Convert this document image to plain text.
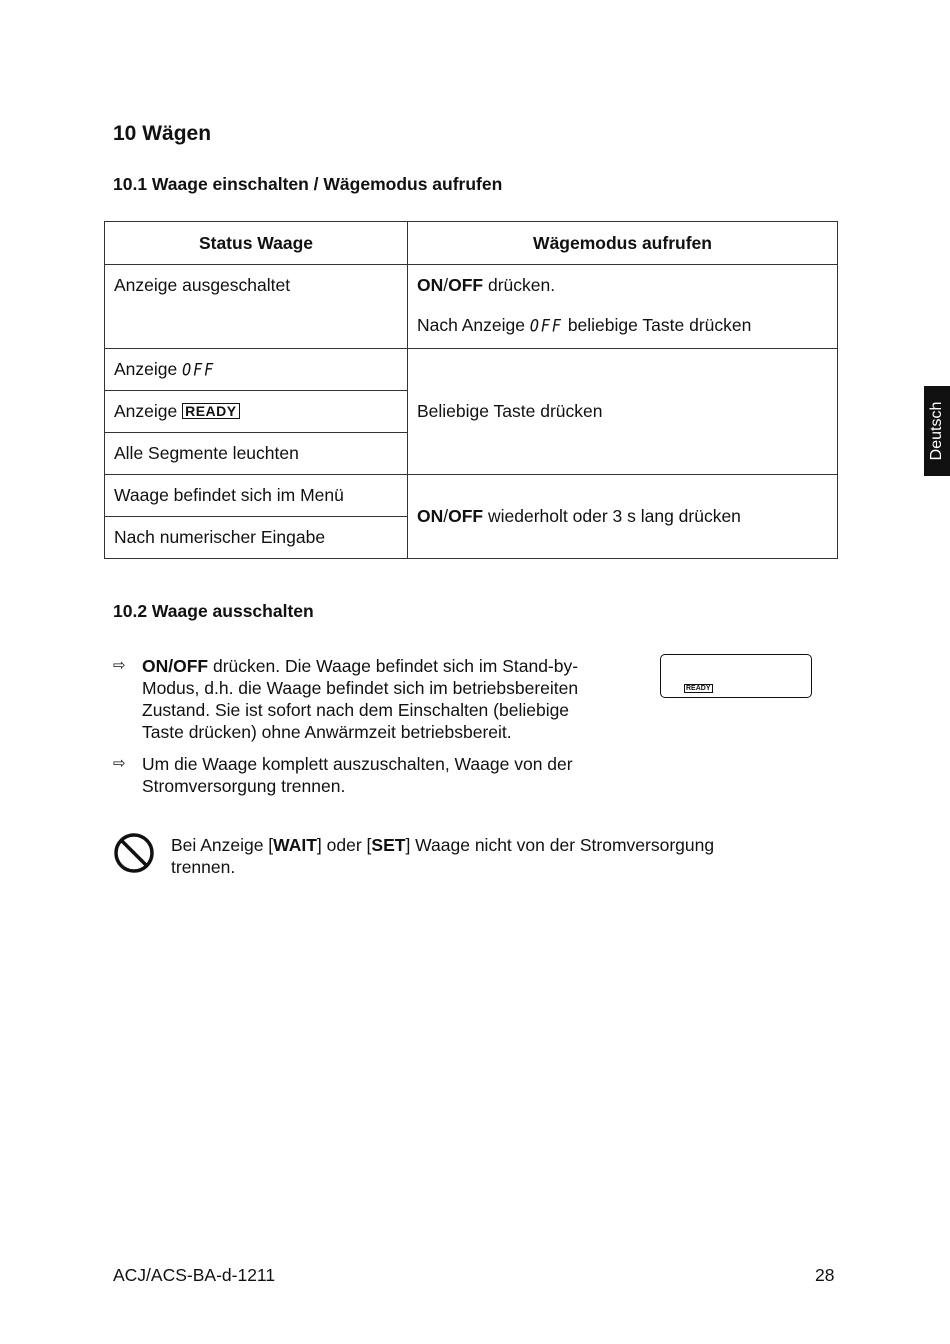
10 Wägen
10.1 Waage einschalten / Wägemodus aufrufen
Status Waage	Wägemodus aufrufen

Anzeige ausgeschaltet	ON/OFF drücken.

Nach Anzeige OFF beliebige Taste drücken

Anzeige OFF	Beliebige Taste drücken

Anzeige READY	

Alle Segmente leuchten	

Waage befindet sich im Menü	ON/OFF wiederholt oder 3 s lang drücken

Nach numerischer Eingabe	

10.2 Waage ausschalten
⇨ ON/OFF drücken. Die Waage befindet sich im Stand-by-
Modus, d.h. die Waage befindet sich im betriebsbereiten
Zustand. Sie ist sofort nach dem Einschalten (beliebige
Taste drücken) ohne Anwärmzeit betriebsbereit.
⇨ Um die Waage komplett auszuschalten, Waage von der
Stromversorgung trennen.
READY
Bei Anzeige [WAIT] oder [SET] Waage nicht von der Stromversorgung
trennen.
Deutsch
ACJ/ACS-BA-d-1211	28
